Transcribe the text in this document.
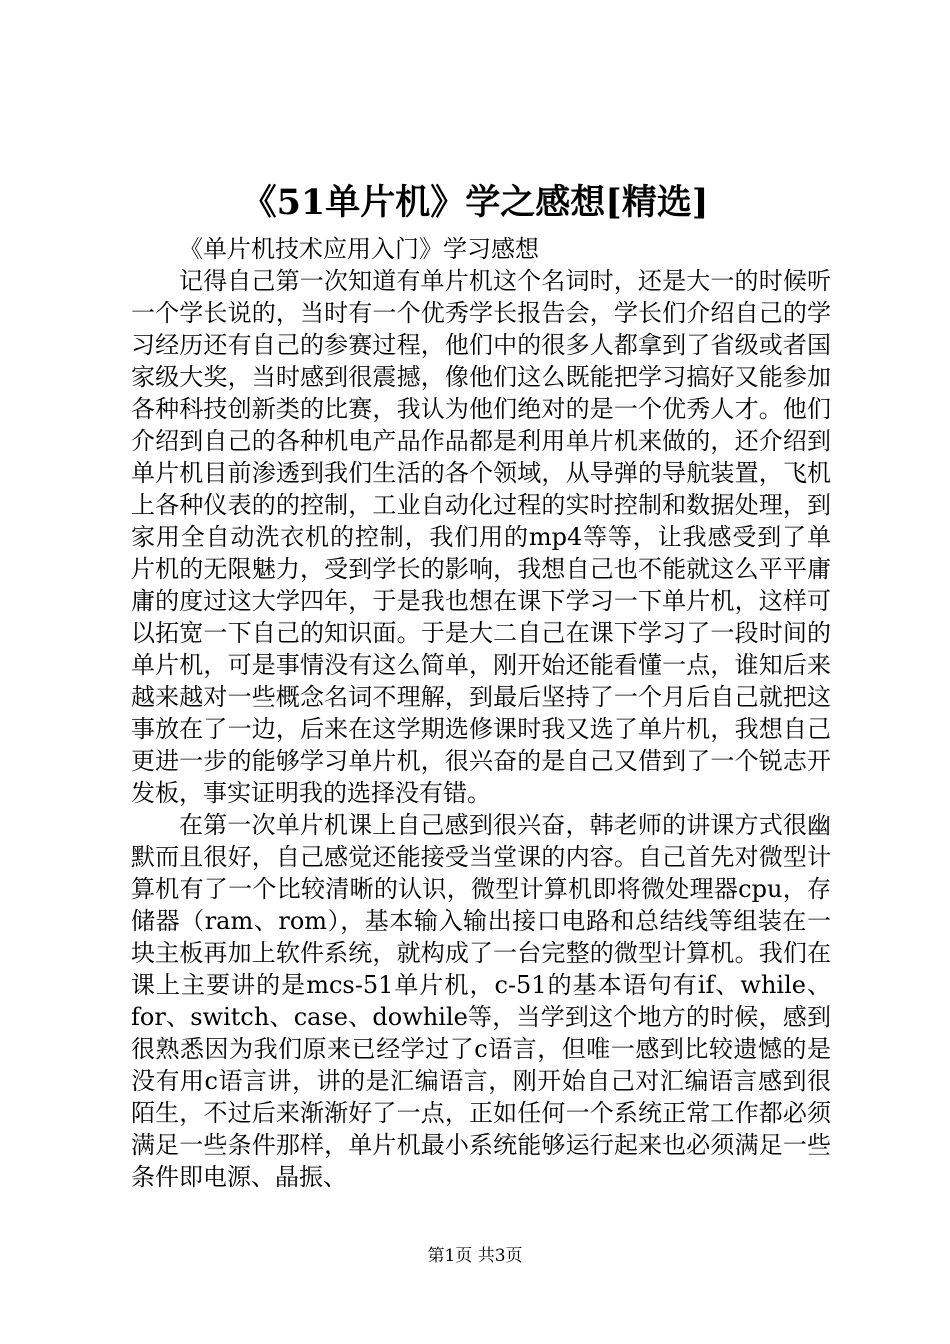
《51单片机》学之感想[精选]

《单片机技术应用入门》学习感想

记得自己第一次知道有单片机这个名词时，还是大一的时候听一个学长说的，当时有一个优秀学长报告会，学长们介绍自己的学习经历还有自己的参赛过程，他们中的很多人都拿到了省级或者国家级大奖，当时感到很震撼，像他们这么既能把学习搞好又能参加各种科技创新类的比赛，我认为他们绝对的是一个优秀人才。他们介绍到自己的各种机电产品作品都是利用单片机来做的，还介绍到单片机目前渗透到我们生活的各个领域，从导弹的导航装置，飞机上各种仪表的的控制，工业自动化过程的实时控制和数据处理，到家用全自动洗衣机的控制，我们用的mp4等等，让我感受到了单片机的无限魅力，受到学长的影响，我想自己也不能就这么平平庸庸的度过这大学四年，于是我也想在课下学习一下单片机，这样可以拓宽一下自己的知识面。于是大二自己在课下学习了一段时间的单片机，可是事情没有这么简单，刚开始还能看懂一点，谁知后来越来越对一些概念名词不理解，到最后坚持了一个月后自己就把这事放在了一边，后来在这学期选修课时我又选了单片机，我想自己更进一步的能够学习单片机，很兴奋的是自己又借到了一个锐志开发板，事实证明我的选择没有错。

在第一次单片机课上自己感到很兴奋，韩老师的讲课方式很幽默而且很好，自己感觉还能接受当堂课的内容。自己首先对微型计算机有了一个比较清晰的认识，微型计算机即将微处理器cpu，存储器（ram、rom），基本输入输出接口电路和总结线等组装在一块主板再加上软件系统，就构成了一台完整的微型计算机。我们在课上主要讲的是mcs-51单片机，c-51的基本语句有if、while、for、switch、case、dowhile等，当学到这个地方的时候，感到很熟悉因为我们原来已经学过了c语言，但唯一感到比较遗憾的是没有用c语言讲，讲的是汇编语言，刚开始自己对汇编语言感到很陌生，不过后来渐渐好了一点，正如任何一个系统正常工作都必须满足一些条件那样，单片机最小系统能够运行起来也必须满足一些条件即电源、晶振、

第1页 共3页
